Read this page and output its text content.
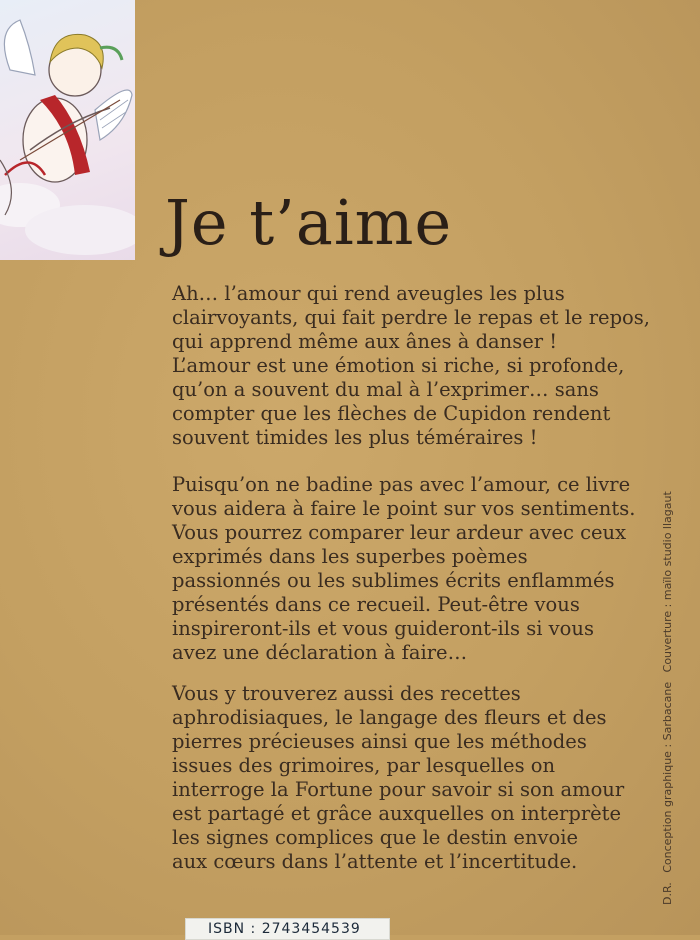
Je t’aime

Ah… l’amour qui rend aveugles les plus
clairvoyants, qui fait perdre le repas et le repos,
qui apprend même aux ânes à danser !
L’amour est une émotion si riche, si profonde,
qu’on a souvent du mal à l’exprimer… sans
compter que les flèches de Cupidon rendent
souvent timides les plus téméraires !

Puisqu’on ne badine pas avec l’amour, ce livre
vous aidera à faire le point sur vos sentiments.
Vous pourrez comparer leur ardeur avec ceux
exprimés dans les superbes poèmes
passionnés ou les sublimes écrits enflammés
présentés dans ce recueil. Peut-être vous
inspireront-ils et vous guideront-ils si vous
avez une déclaration à faire…

Vous y trouverez aussi des recettes
aphrodisiaques, le langage des fleurs et des
pierres précieuses ainsi que les méthodes
issues des grimoires, par lesquelles on
interroge la Fortune pour savoir si son amour
est partagé et grâce auxquelles on interprète
les signes complices que le destin envoie
aux cœurs dans l’attente et l’incertitude.

D.R. Conception graphique : Sarbacane Couverture : maïlo studio llagaut
ISBN : 2743454539
